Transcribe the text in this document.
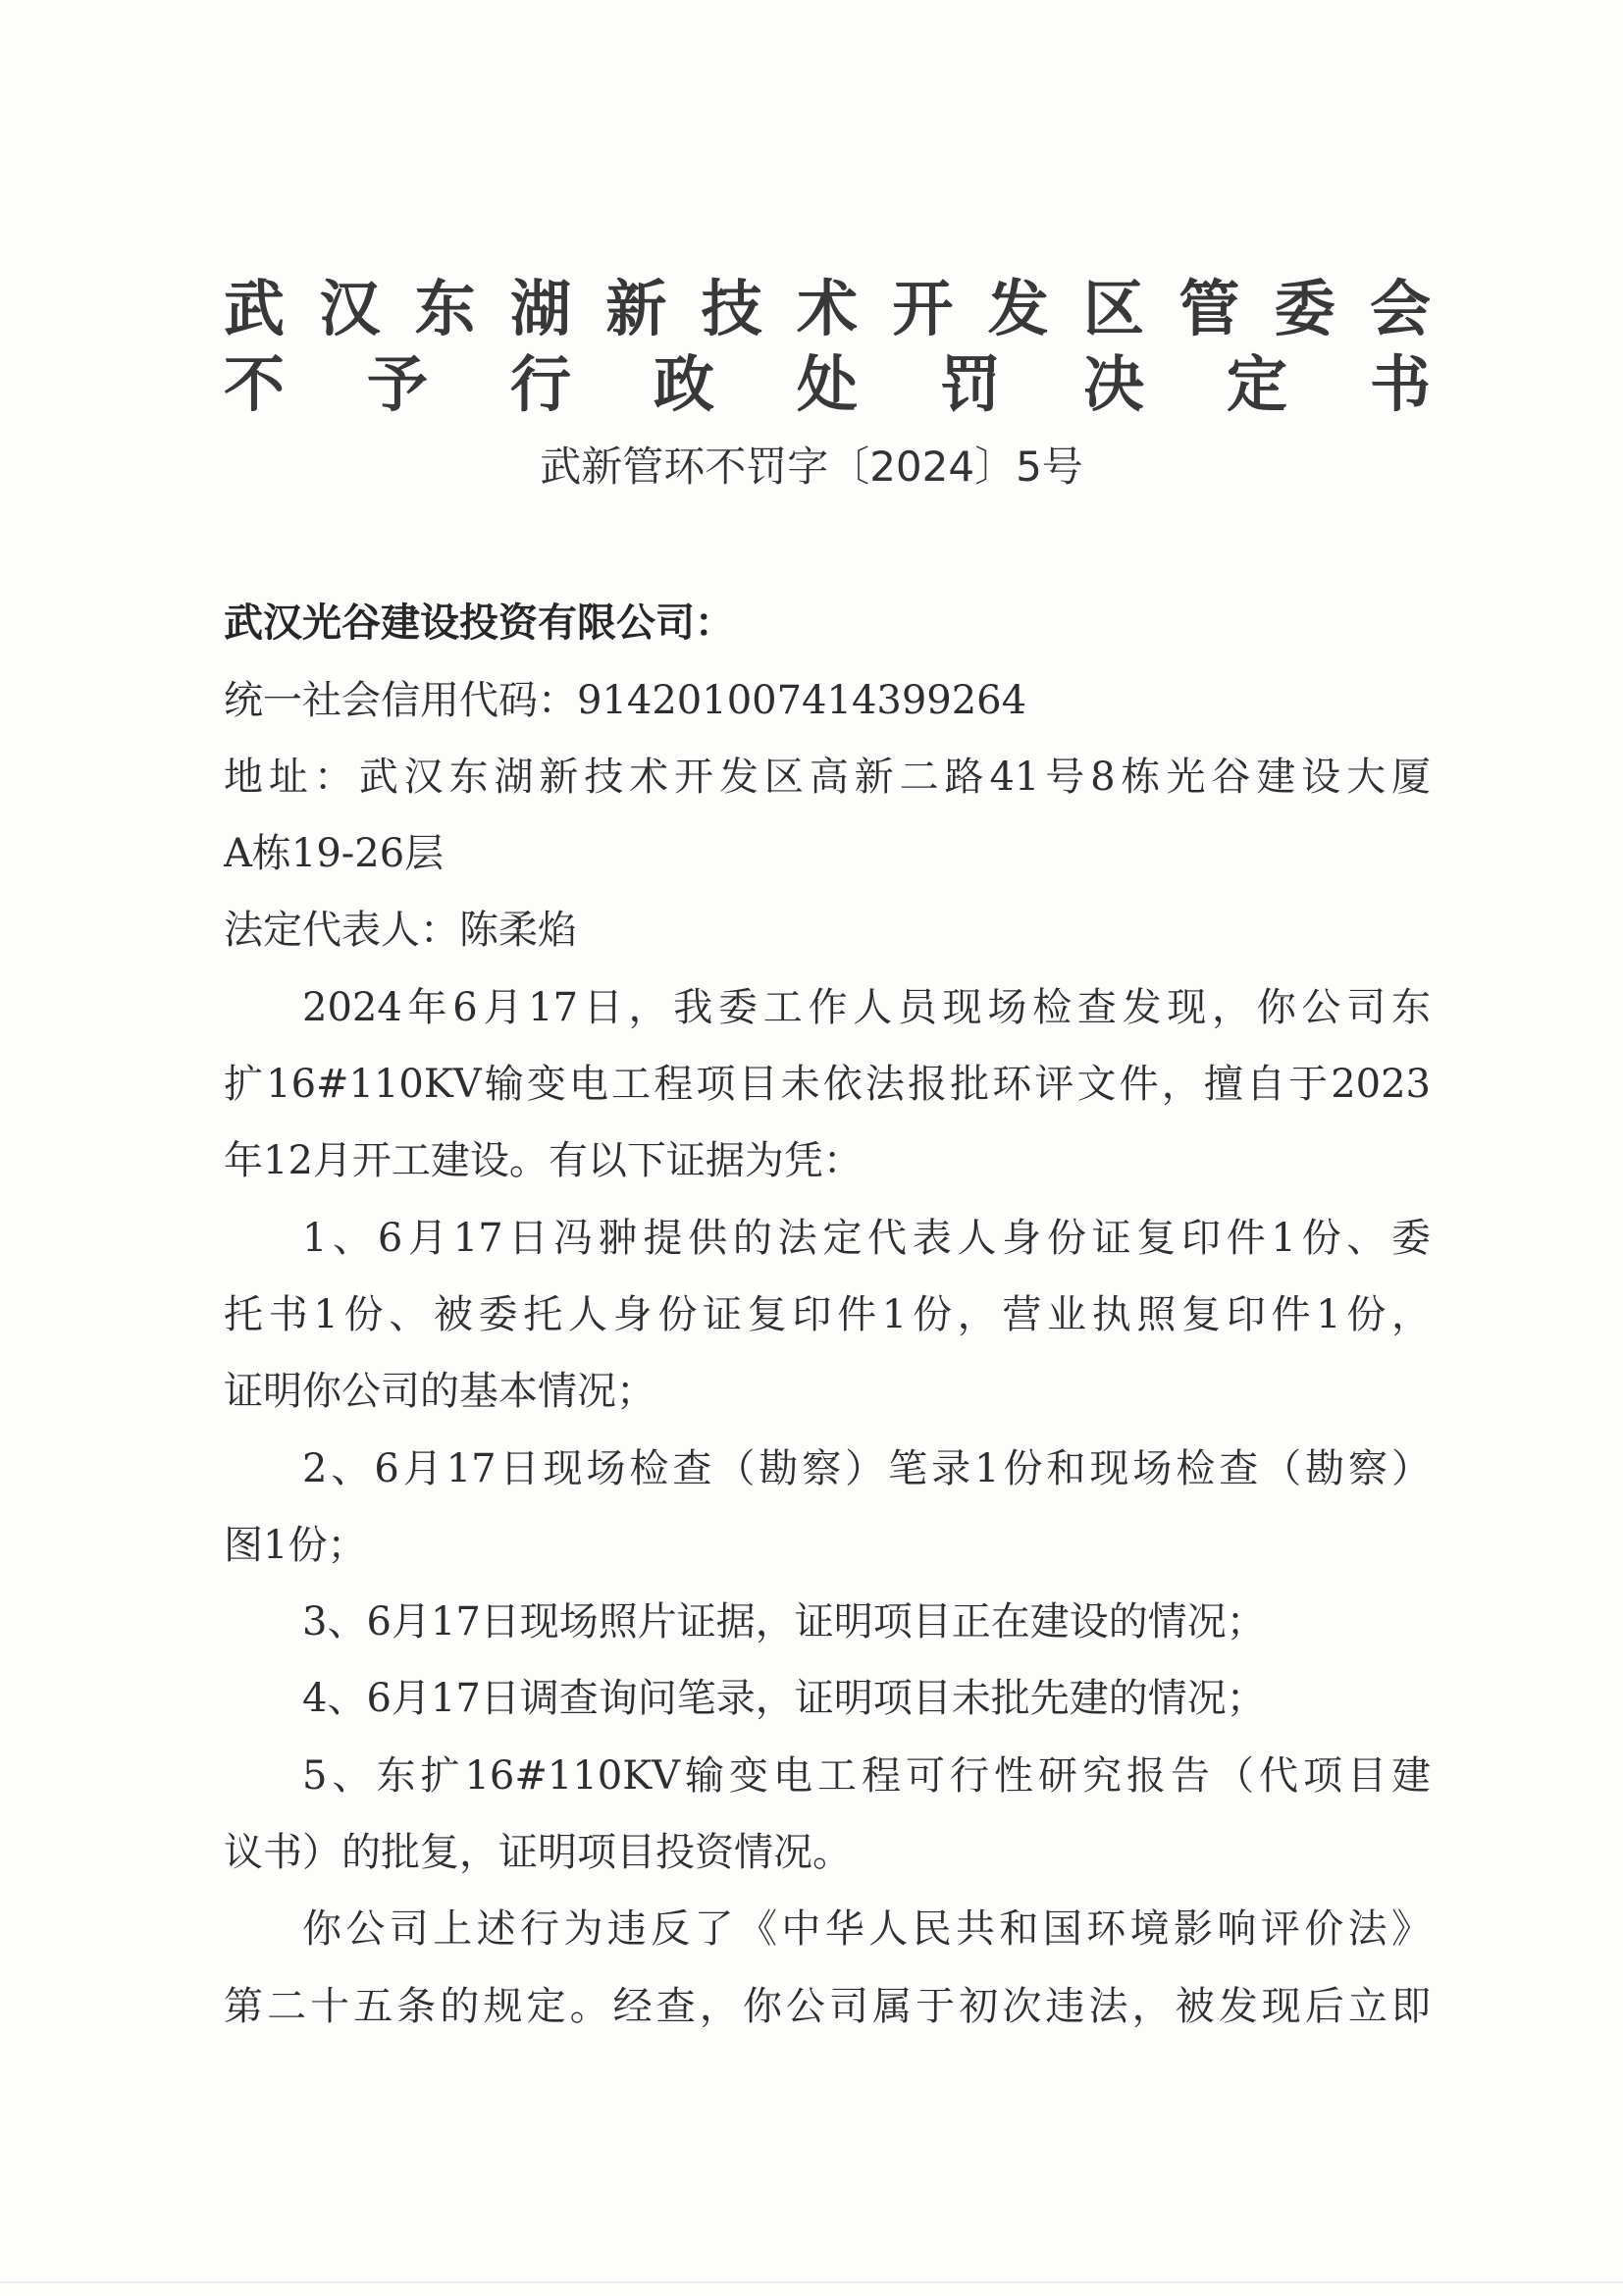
武汉东湖新技术开发区管委会
不予行政处罚决定书
武新管环不罚字〔2024〕5号
武汉光谷建设投资有限公司：
统一社会信用代码：914201007414399264
地址：武汉东湖新技术开发区高新二路41号8栋光谷建设大厦
A栋19-26层
法定代表人：陈柔焰
2024年6月17日，我委工作人员现场检查发现，你公司东
扩16#110KV输变电工程项目未依法报批环评文件，擅自于2023
年12月开工建设。有以下证据为凭：
1、6月17日冯翀提供的法定代表人身份证复印件1份、委
托书1份、被委托人身份证复印件1份，营业执照复印件1份，
证明你公司的基本情况；
2、6月17日现场检查（勘察）笔录1份和现场检查（勘察）
图1份；
3、6月17日现场照片证据，证明项目正在建设的情况；
4、6月17日调查询问笔录，证明项目未批先建的情况；
5、东扩16#110KV输变电工程可行性研究报告（代项目建
议书）的批复，证明项目投资情况。
你公司上述行为违反了《中华人民共和国环境影响评价法》
第二十五条的规定。经查，你公司属于初次违法，被发现后立即
